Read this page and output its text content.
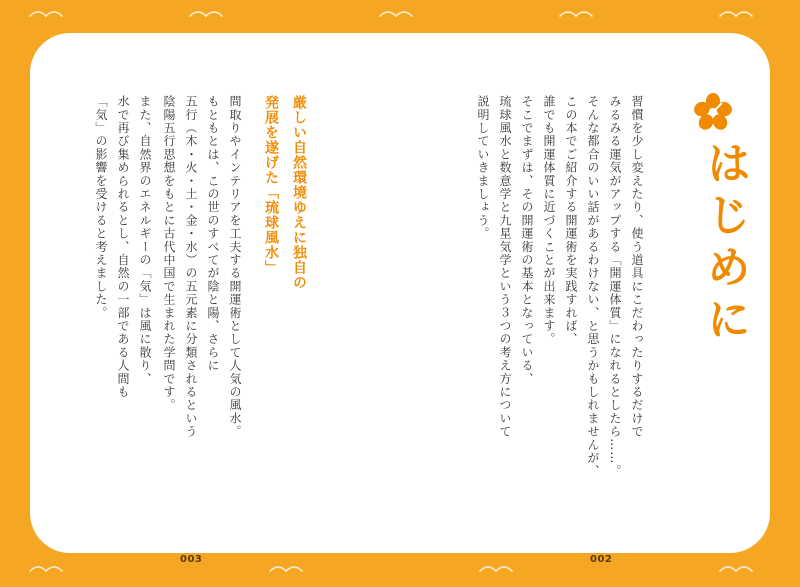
はじめに

習慣を少し変えたり、使う道具にこだわったりするだけで

みるみる運気がアップする「開運体質」になれるとしたら……。

そんな都合のいい話があるわけない、と思うかもしれませんが、

この本でご紹介する開運術を実践すれば、

誰でも開運体質に近づくことが出来ます。

そこでまずは、その開運術の基本となっている、

琉球風水と数意学と九星気学という３つの考え方について

説明していきましょう。

002
厳しい自然環境ゆえに独自の
発展を遂げた「琉球風水」

間取りやインテリアを工夫する開運術として人気の風水。

もともとは、この世のすべてが陰と陽、さらに

五行（木・火・土・金・水）の五元素に分類されるという

陰陽五行思想をもとに古代中国で生まれた学問です。

また、自然界のエネルギーの「気」は風に散り、

水で再び集められるとし、自然の一部である人間も

「気」の影響を受けると考えました。

003
